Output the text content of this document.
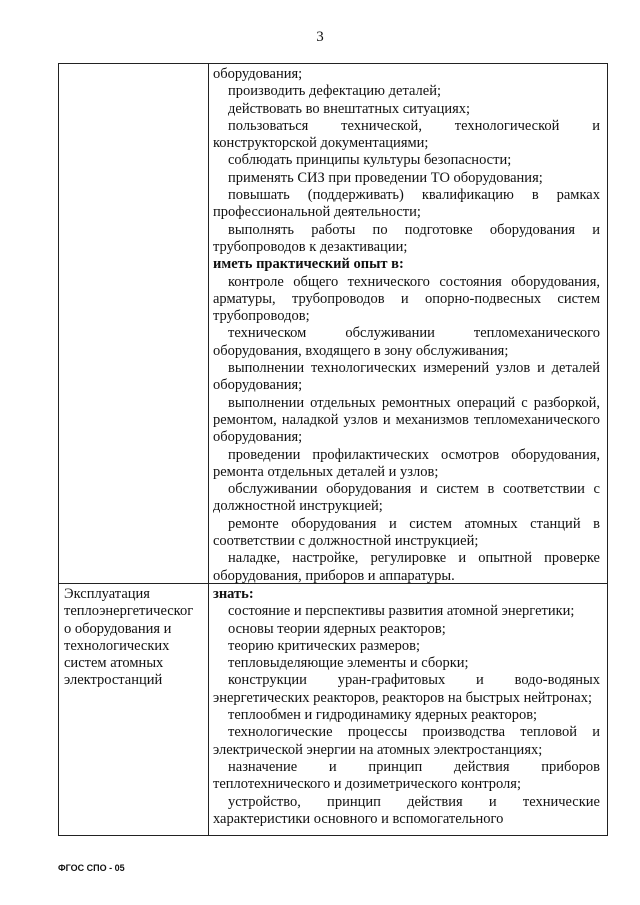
3

оборудования;

производить дефектацию деталей;

действовать во внештатных ситуациях;

пользоваться технической, технологической и конструкторской документациями;

соблюдать принципы культуры безопасности;

применять СИЗ при проведении ТО оборудования;

повышать (поддерживать) квалификацию в рамках профессиональной деятельности;

выполнять работы по подготовке оборудования и трубопроводов к дезактивации;

иметь практический опыт в:

контроле общего технического состояния оборудования, арматуры, трубопроводов и опорно-подвесных систем трубопроводов;

техническом обслуживании тепломеханического оборудования, входящего в зону обслуживания;

выполнении технологических измерений узлов и деталей оборудования;

выполнении отдельных ремонтных операций с разборкой, ремонтом, наладкой узлов и механизмов тепломеханического оборудования;

проведении профилактических осмотров оборудования, ремонта отдельных деталей и узлов;

обслуживании оборудования и систем в соответствии с должностной инструкцией;

ремонте оборудования и систем атомных станций в соответствии с должностной инструкцией;

наладке, настройке, регулировке и опытной проверке оборудования, приборов и аппаратуры.

Эксплуатация теплоэнергетическог о оборудования и технологических систем атомных электростанций

знать:

состояние и перспективы развития атомной энергетики;

основы теории ядерных реакторов;

теорию критических размеров;

тепловыделяющие элементы и сборки;

конструкции уран-графитовых и водо-водяных энергетических реакторов, реакторов на быстрых нейтронах;

теплообмен и гидродинамику ядерных реакторов;

технологические процессы производства тепловой и электрической энергии на атомных электростанциях;

назначение и принцип действия приборов теплотехнического и дозиметрического контроля;

устройство, принцип действия и технические характеристики основного и вспомогательного

ФГОС СПО - 05
